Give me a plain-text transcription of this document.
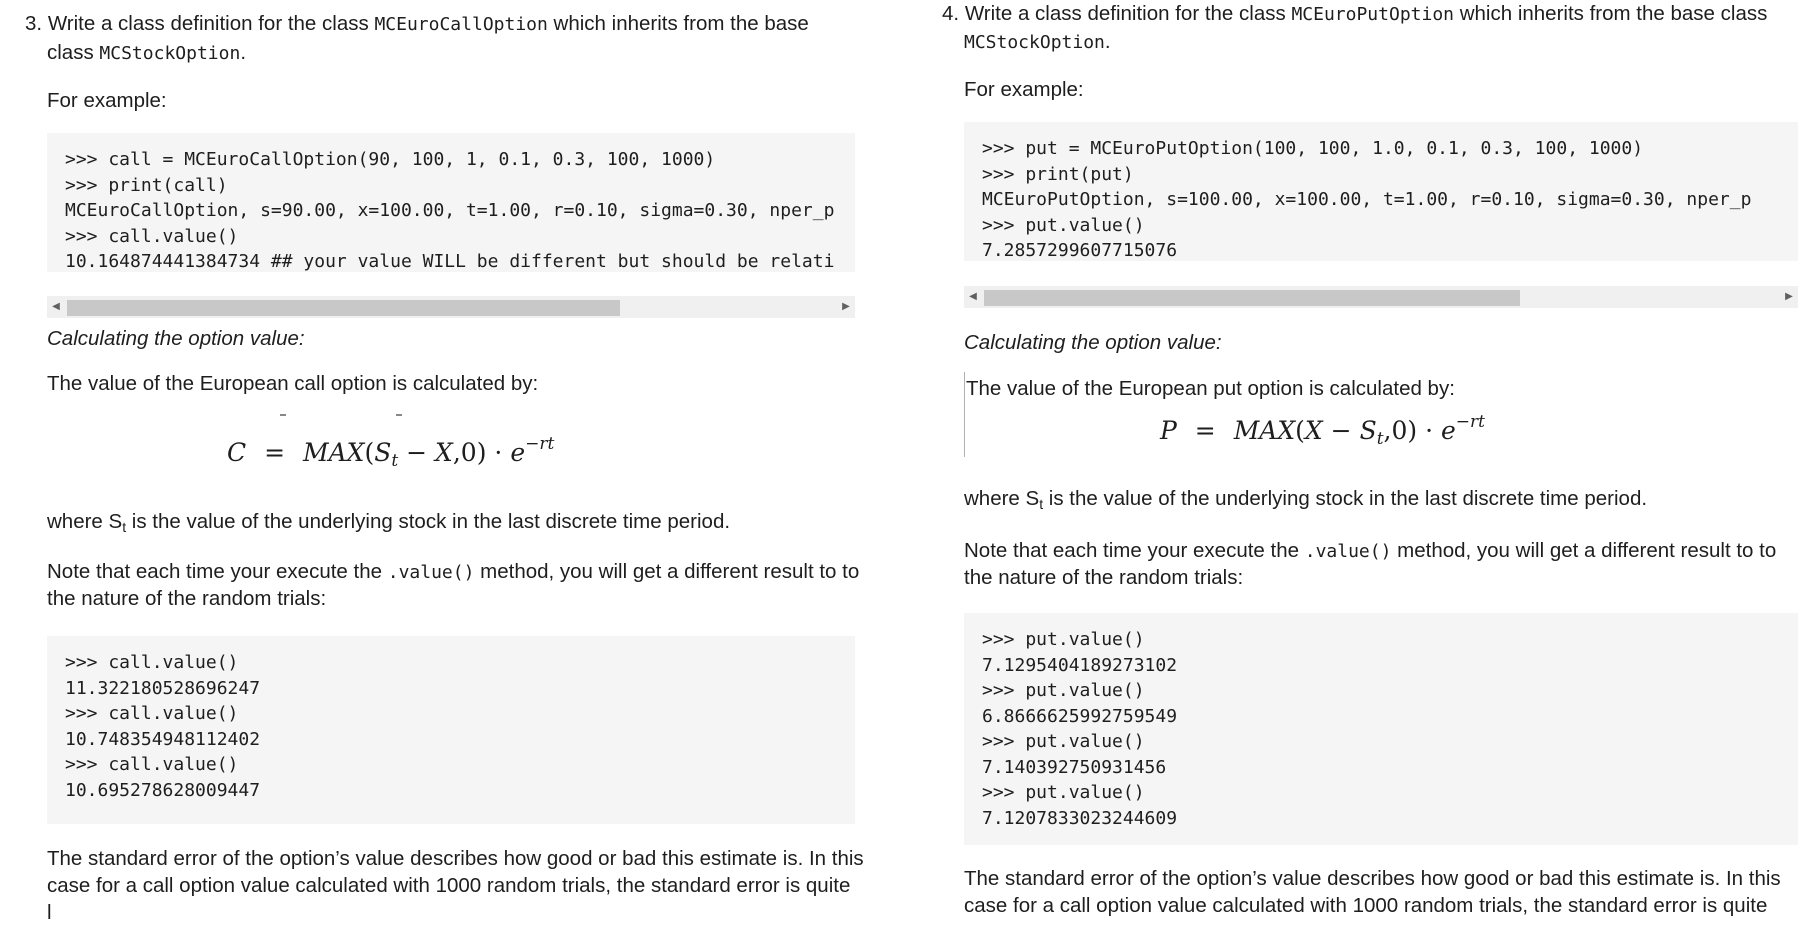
3. Write a class definition for the class MCEuroCallOption which inherits from the base
class MCStockOption.
For example:
>>> call = MCEuroCallOption(90, 100, 1, 0.1, 0.3, 100, 1000)
>>> print(call)
MCEuroCallOption, s=90.00, x=100.00, t=1.00, r=0.10, sigma=0.30, nper_p
>>> call.value()
10.164874441384734 ## your value WILL be different but should be relati
◀	▶
Calculating the option value:
The value of the European call option is calculated by:
$C = MAX(S_t - X,0) \cdot e^{-rt}$
where $S_t$ is the value of the underlying stock in the last discrete time period.
Note that each time your execute the .value() method, you will get a different result to to
the nature of the random trials:
>>> call.value()
11.322180528696247
>>> call.value()
10.748354948112402
>>> call.value()
10.695278628009447
The standard error of the option’s value describes how good or bad this estimate is. In this
case for a call option value calculated with 1000 random trials, the standard error is quite
l
4. Write a class definition for the class MCEuroPutOption which inherits from the base class
MCStockOption.
For example:
>>> put = MCEuroPutOption(100, 100, 1.0, 0.1, 0.3, 100, 1000)
>>> print(put)
MCEuroPutOption, s=100.00, x=100.00, t=1.00, r=0.10, sigma=0.30, nper_p
>>> put.value()
7.2857299607715076
◀	▶
Calculating the option value:
The value of the European put option is calculated by:
$P = MAX(X - S_t,0) \cdot e^{-rt}$
where $S_t$ is the value of the underlying stock in the last discrete time period.
Note that each time your execute the .value() method, you will get a different result to to
the nature of the random trials:
>>> put.value()
7.1295404189273102
>>> put.value()
6.8666625992759549
>>> put.value()
7.140392750931456
>>> put.value()
7.1207833023244609
The standard error of the option’s value describes how good or bad this estimate is. In this
case for a call option value calculated with 1000 random trials, the standard error is quite
